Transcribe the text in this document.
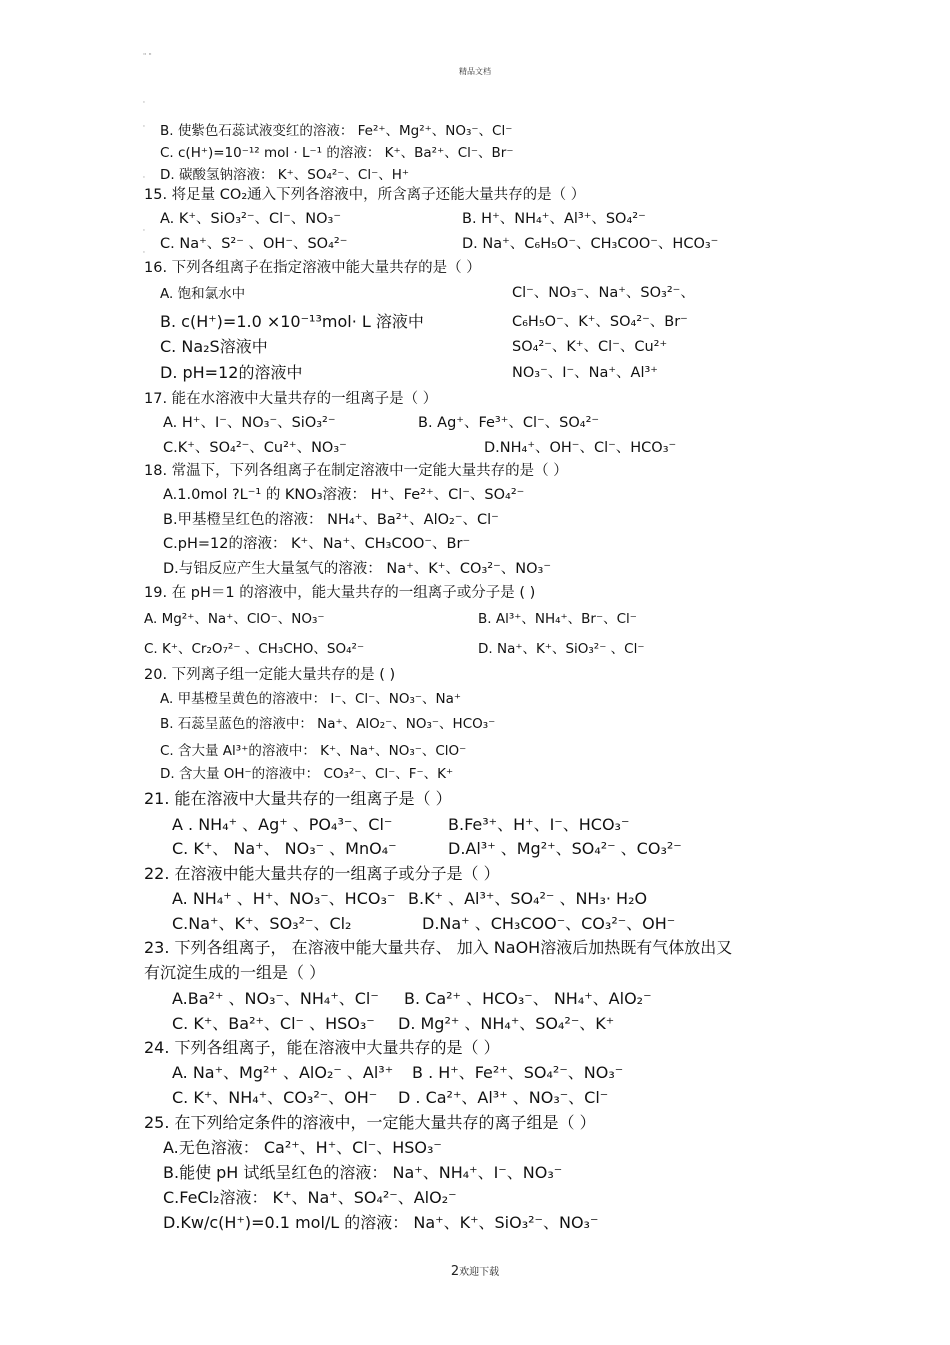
精品文档
" "
'
'
'
'
'
B. 使紫色石蕊试液变红的溶液： Fe²⁺、Mg²⁺、NO₃⁻、Cl⁻
C. c(H⁺)=10⁻¹² mol · L⁻¹ 的溶液： K⁺、Ba²⁺、Cl⁻、Br⁻
D. 碳酸氢钠溶液： K⁺、SO₄²⁻、Cl⁻、H⁺
15. 将足量 CO₂通入下列各溶液中，所含离子还能大量共存的是（ ）
A. K⁺、SiO₃²⁻、Cl⁻、NO₃⁻	B. H⁺、NH₄⁺、Al³⁺、SO₄²⁻
C. Na⁺、S²⁻ 、OH⁻、SO₄²⁻	D. Na⁺、C₆H₅O⁻、CH₃COO⁻、HCO₃⁻
16. 下列各组离子在指定溶液中能大量共存的是（ ）
A. 饱和氯水中	Cl⁻、NO₃⁻、Na⁺、SO₃²⁻、
B. c(H⁺)=1.0 ×10⁻¹³mol· L 溶液中	C₆H₅O⁻、K⁺、SO₄²⁻、Br⁻
C. Na₂S溶液中	SO₄²⁻、K⁺、Cl⁻、Cu²⁺
D. pH=12的溶液中	NO₃⁻、I⁻、Na⁺、Al³⁺
17. 能在水溶液中大量共存的一组离子是（ ）
A. H⁺、I⁻、NO₃⁻、SiO₃²⁻	B. Ag⁺、Fe³⁺、Cl⁻、SO₄²⁻
C.K⁺、SO₄²⁻、Cu²⁺、NO₃⁻	D.NH₄⁺、OH⁻、Cl⁻、HCO₃⁻
18. 常温下，下列各组离子在制定溶液中一定能大量共存的是（ ）
A.1.0mol ?L⁻¹ 的 KNO₃溶液： H⁺、Fe²⁺、Cl⁻、SO₄²⁻
B.甲基橙呈红色的溶液： NH₄⁺、Ba²⁺、AlO₂⁻、Cl⁻
C.pH=12的溶液： K⁺、Na⁺、CH₃COO⁻、Br⁻
D.与铝反应产生大量氢气的溶液： Na⁺、K⁺、CO₃²⁻、NO₃⁻
19. 在 pH＝1 的溶液中，能大量共存的一组离子或分子是 ( )
A. Mg²⁺、Na⁺、ClO⁻、NO₃⁻	B. Al³⁺、NH₄⁺、Br⁻、Cl⁻
C. K⁺、Cr₂O₇²⁻ 、CH₃CHO、SO₄²⁻	D. Na⁺、K⁺、SiO₃²⁻ 、Cl⁻
20. 下列离子组一定能大量共存的是 ( )
A. 甲基橙呈黄色的溶液中： I⁻、Cl⁻、NO₃⁻、Na⁺
B. 石蕊呈蓝色的溶液中： Na⁺、AlO₂⁻、NO₃⁻、HCO₃⁻
C. 含大量 Al³⁺的溶液中： K⁺、Na⁺、NO₃⁻、ClO⁻
D. 含大量 OH⁻的溶液中： CO₃²⁻、Cl⁻、F⁻、K⁺
21. 能在溶液中大量共存的一组离子是（ ）
A . NH₄⁺ 、Ag⁺ 、PO₄³⁻、Cl⁻	B.Fe³⁺、H⁺、I⁻、HCO₃⁻
C. K⁺、 Na⁺、 NO₃⁻ 、MnO₄⁻	D.Al³⁺ 、Mg²⁺、SO₄²⁻ 、CO₃²⁻
22. 在溶液中能大量共存的一组离子或分子是（ ）
A. NH₄⁺ 、H⁺、NO₃⁻、HCO₃⁻ B.K⁺ 、Al³⁺、SO₄²⁻ 、NH₃· H₂O
C.Na⁺、K⁺、SO₃²⁻、Cl₂	D.Na⁺ 、CH₃COO⁻、CO₃²⁻、OH⁻
23. 下列各组离子， 在溶液中能大量共存、 加入 NaOH溶液后加热既有气体放出又
有沉淀生成的一组是（ ）
A.Ba²⁺ 、NO₃⁻、NH₄⁺、Cl⁻ B. Ca²⁺ 、HCO₃⁻、 NH₄⁺、AlO₂⁻
C. K⁺、Ba²⁺、Cl⁻ 、HSO₃⁻ D. Mg²⁺ 、NH₄⁺、SO₄²⁻、K⁺
24. 下列各组离子，能在溶液中大量共存的是（ ）
A. Na⁺、Mg²⁺ 、AlO₂⁻ 、Al³⁺ B . H⁺、Fe²⁺、SO₄²⁻、NO₃⁻
C. K⁺、NH₄⁺、CO₃²⁻、OH⁻ D . Ca²⁺、Al³⁺ 、NO₃⁻、Cl⁻
25. 在下列给定条件的溶液中，一定能大量共存的离子组是（ ）
A.无色溶液： Ca²⁺、H⁺、Cl⁻、HSO₃⁻
B.能使 pH 试纸呈红色的溶液： Na⁺、NH₄⁺、I⁻、NO₃⁻
C.FeCl₂溶液： K⁺、Na⁺、SO₄²⁻、AlO₂⁻
D.Kw/c(H⁺)=0.1 mol/L 的溶液： Na⁺、K⁺、SiO₃²⁻、NO₃⁻
2欢迎下载
